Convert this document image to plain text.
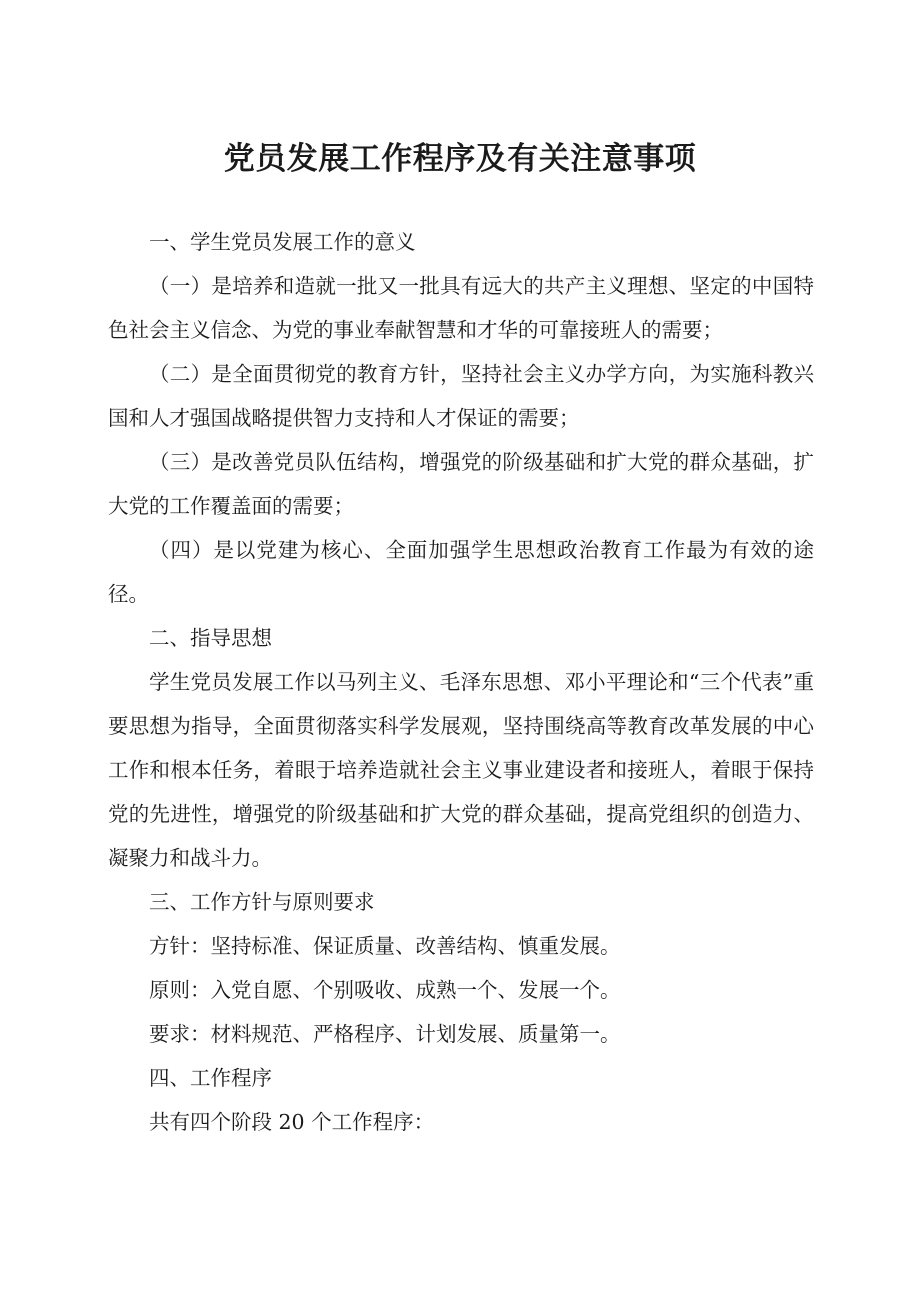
党员发展工作程序及有关注意事项

一、学生党员发展工作的意义

（一）是培养和造就一批又一批具有远大的共产主义理想、坚定的中国特色社会主义信念、为党的事业奉献智慧和才华的可靠接班人的需要；

（二）是全面贯彻党的教育方针，坚持社会主义办学方向，为实施科教兴国和人才强国战略提供智力支持和人才保证的需要；

（三）是改善党员队伍结构，增强党的阶级基础和扩大党的群众基础，扩大党的工作覆盖面的需要；

（四）是以党建为核心、全面加强学生思想政治教育工作最为有效的途径。

二、指导思想

学生党员发展工作以马列主义、毛泽东思想、邓小平理论和“三个代表”重要思想为指导，全面贯彻落实科学发展观，坚持围绕高等教育改革发展的中心工作和根本任务，着眼于培养造就社会主义事业建设者和接班人，着眼于保持党的先进性，增强党的阶级基础和扩大党的群众基础，提高党组织的创造力、凝聚力和战斗力。

三、工作方针与原则要求

方针：坚持标准、保证质量、改善结构、慎重发展。

原则：入党自愿、个别吸收、成熟一个、发展一个。

要求：材料规范、严格程序、计划发展、质量第一。

四、工作程序

共有四个阶段 20 个工作程序：
